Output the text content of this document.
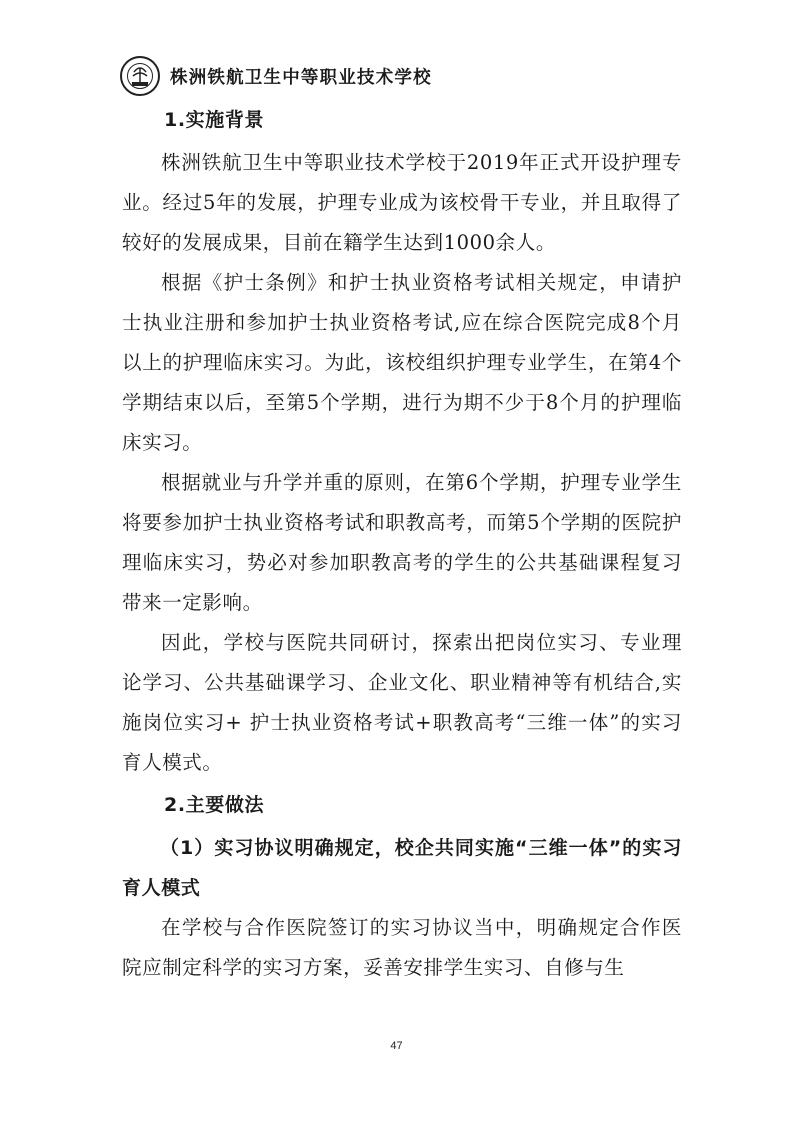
株洲铁航卫生中等职业技术学校
1.实施背景

株洲铁航卫生中等职业技术学校于2019年正式开设护理专业。经过5年的发展，护理专业成为该校骨干专业，并且取得了较好的发展成果，目前在籍学生达到1000余人。

根据《护士条例》和护士执业资格考试相关规定，申请护士执业注册和参加护士执业资格考试,应在综合医院完成8个月以上的护理临床实习。为此，该校组织护理专业学生，在第4个学期结束以后，至第5个学期，进行为期不少于8个月的护理临床实习。

根据就业与升学并重的原则，在第6个学期，护理专业学生将要参加护士执业资格考试和职教高考，而第5个学期的医院护理临床实习，势必对参加职教高考的学生的公共基础课程复习带来一定影响。

因此，学校与医院共同研讨，探索出把岗位实习、专业理论学习、公共基础课学习、企业文化、职业精神等有机结合,实施岗位实习+ 护士执业资格考试+职教高考“三维一体”的实习育人模式。

2.主要做法
（1）实习协议明确规定，校企共同实施“三维一体”的实习育人模式

在学校与合作医院签订的实习协议当中，明确规定合作医院应制定科学的实习方案，妥善安排学生实习、自修与生

47
